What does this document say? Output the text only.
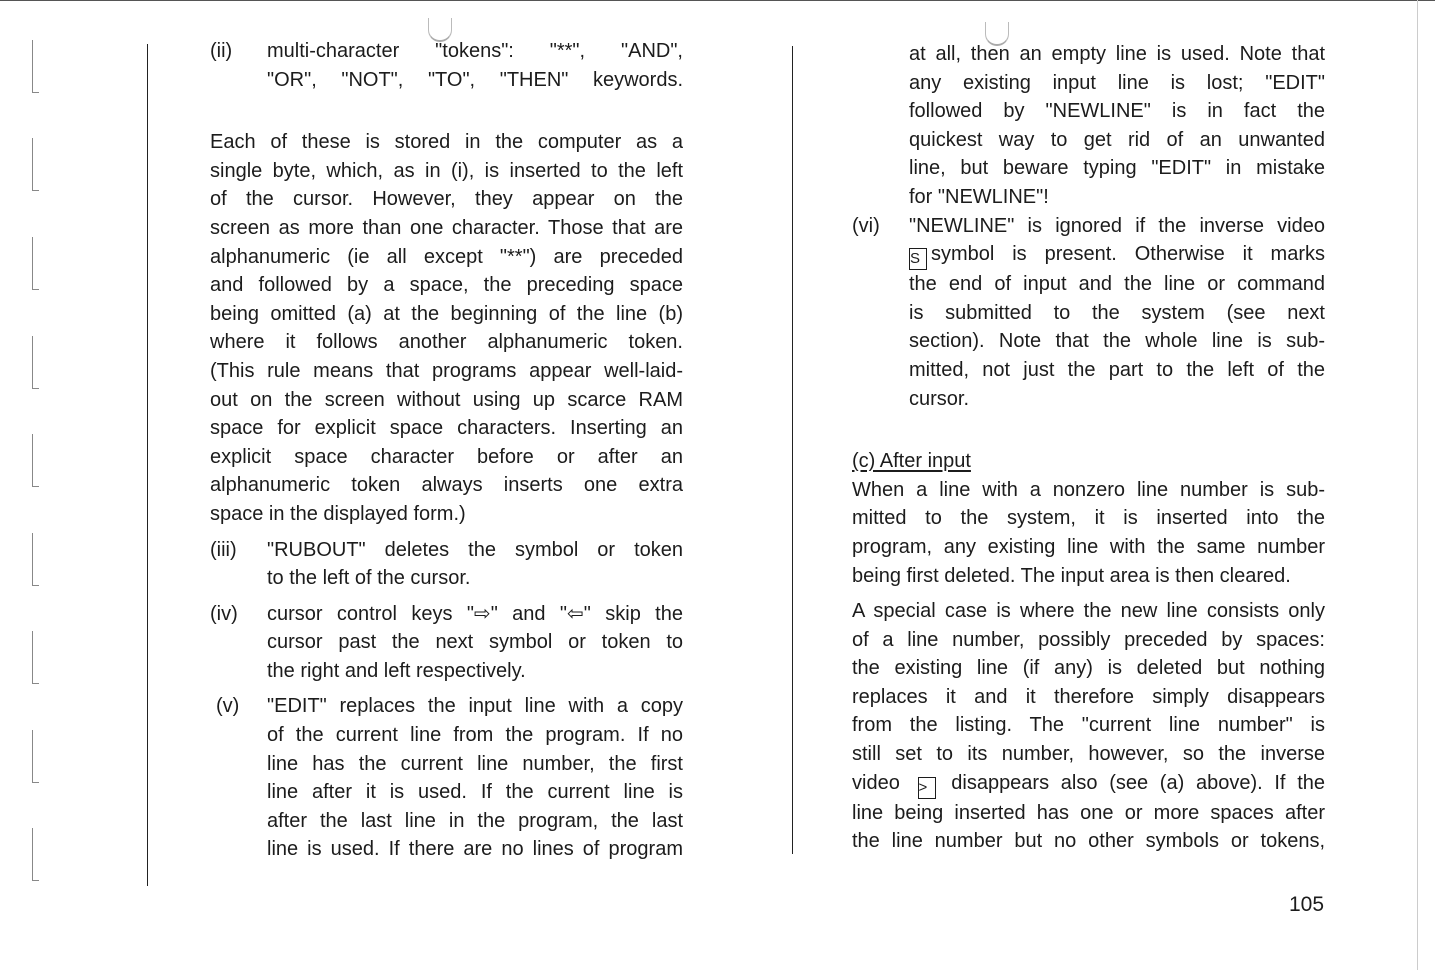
(ii)	multi-character "tokens": "**", "AND",

"OR", "NOT", "TO", "THEN" keywords.

Each of these is stored in the computer as a

single byte, which, as in (i), is inserted to the left

of the cursor. However, they appear on the

screen as more than one character. Those that are

alphanumeric (ie all except "**") are preceded

and followed by a space, the preceding space

being omitted (a) at the beginning of the line (b)

where it follows another alphanumeric token.

(This rule means that programs appear well-laid-

out on the screen without using up scarce RAM

space for explicit space characters. Inserting an

explicit space character before or after an

alphanumeric token always inserts one extra

space in the displayed form.)

(iii)	"RUBOUT" deletes the symbol or token

to the left of the cursor.

(iv)	cursor control keys "⇨" and "⇦" skip the

cursor past the next symbol or token to

the right and left respectively.

(v)	"EDIT" replaces the input line with a copy

of the current line from the program. If no

line has the current line number, the first

line after it is used. If the current line is

after the last line in the program, the last

line is used. If there are no lines of program

at all, then an empty line is used. Note that

any existing input line is lost; "EDIT"

followed by "NEWLINE" is in fact the

quickest way to get rid of an unwanted

line, but beware typing "EDIT" in mistake

for "NEWLINE"!

(vi)	"NEWLINE" is ignored if the inverse video

S symbol is present. Otherwise it marks

the end of input and the line or command

is submitted to the system (see next

section). Note that the whole line is sub-

mitted, not just the part to the left of the

cursor.

(c) After input

When a line with a nonzero line number is sub-

mitted to the system, it is inserted into the

program, any existing line with the same number

being first deleted. The input area is then cleared.

A special case is where the new line consists only

of a line number, possibly preceded by spaces:

the existing line (if any) is deleted but nothing

replaces it and it therefore simply disappears

from the listing. The "current line number" is

still set to its number, however, so the inverse

video > disappears also (see (a) above). If the

line being inserted has one or more spaces after

the line number but no other symbols or tokens,

105
